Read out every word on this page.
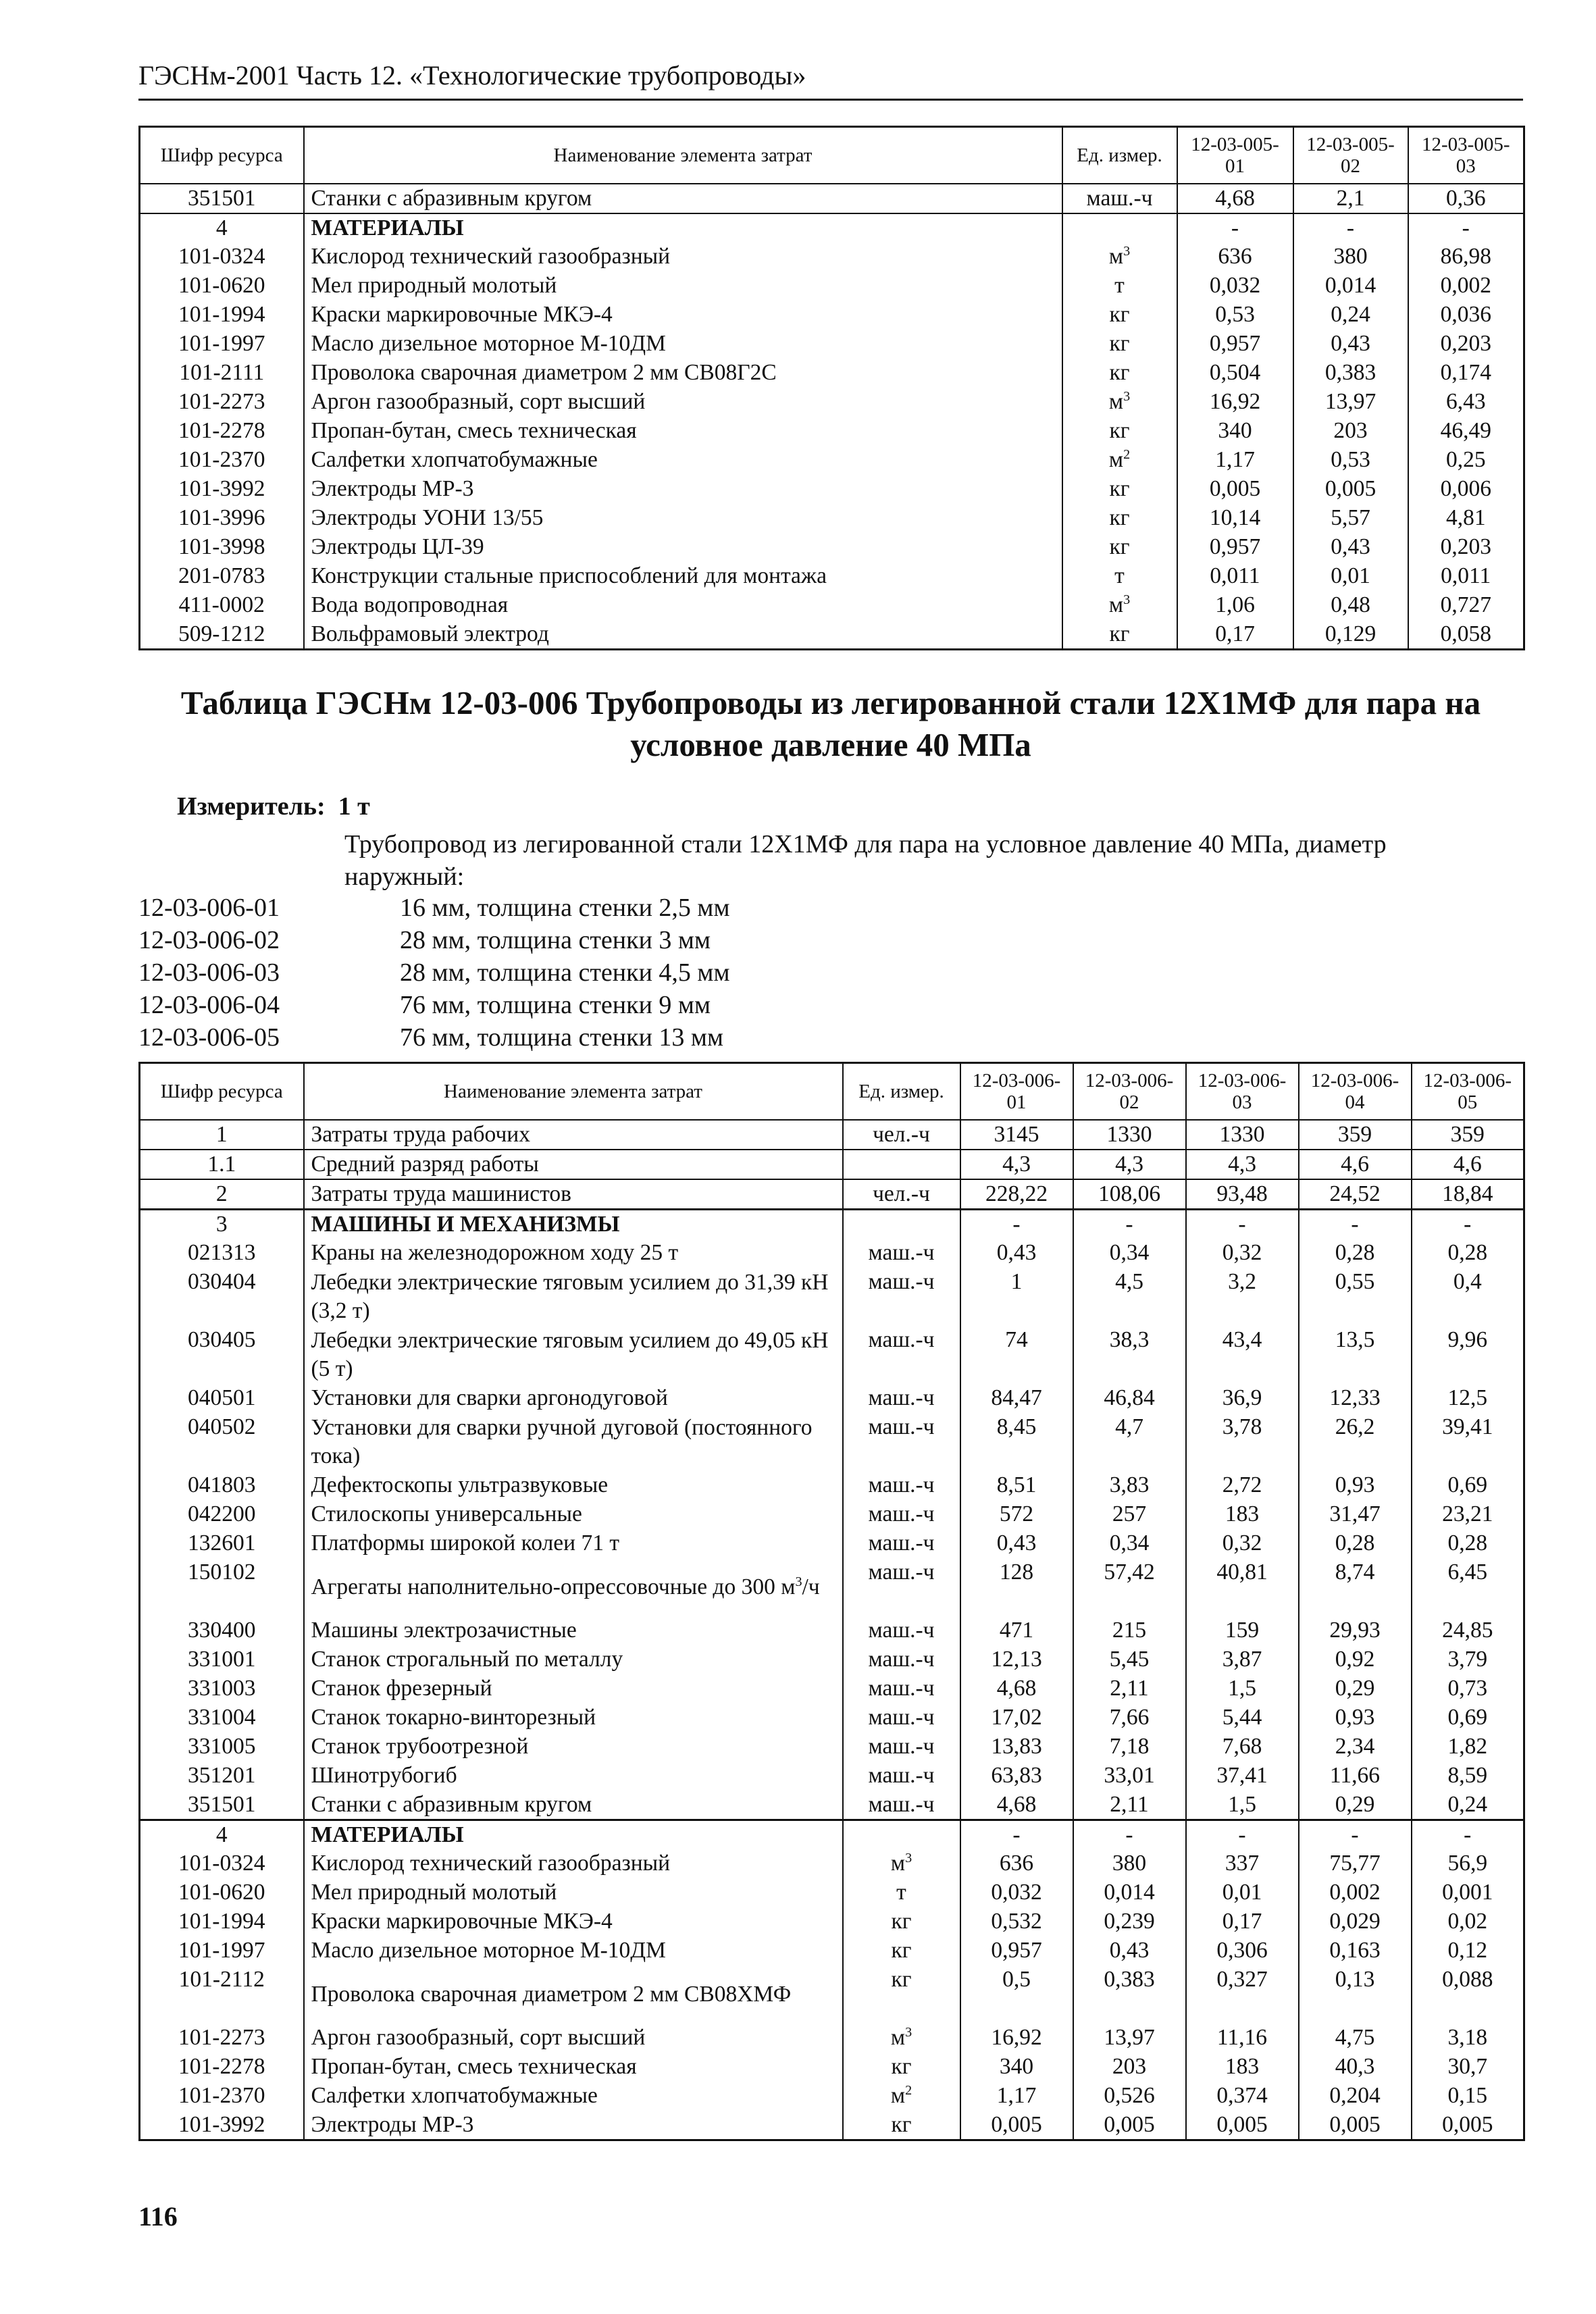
ГЭСНм-2001 Часть 12. «Технологические трубопроводы»
Шифр ресурса	Наименование элемента затрат	Ед. измер.	12-03-005-01	12-03-005-02	12-03-005-03
351501	Станки с абразивным кругом	маш.-ч	4,68	2,1	0,36
4	МАТЕРИАЛЫ		-	-	-
101-0324	Кислород технический газообразный	$м^3$	636	380	86,98
101-0620	Мел природный молотый	т	0,032	0,014	0,002
101-1994	Краски маркировочные МКЭ-4	кг	0,53	0,24	0,036
101-1997	Масло дизельное моторное М-10ДМ	кг	0,957	0,43	0,203
101-2111	Проволока сварочная диаметром 2 мм СВ08Г2С	кг	0,504	0,383	0,174
101-2273	Аргон газообразный, сорт высший	$м^3$	16,92	13,97	6,43
101-2278	Пропан-бутан, смесь техническая	кг	340	203	46,49
101-2370	Салфетки хлопчатобумажные	$м^2$	1,17	0,53	0,25
101-3992	Электроды МР-3	кг	0,005	0,005	0,006
101-3996	Электроды УОНИ 13/55	кг	10,14	5,57	4,81
101-3998	Электроды ЦЛ-39	кг	0,957	0,43	0,203
201-0783	Конструкции стальные приспособлений для монтажа	т	0,011	0,01	0,011
411-0002	Вода водопроводная	$м^3$	1,06	0,48	0,727
509-1212	Вольфрамовый электрод	кг	0,17	0,129	0,058
Таблица ГЭСНм 12-03-006 Трубопроводы из легированной стали 12Х1МФ для пара на
условное давление 40 МПа
Измеритель: 1 т
Трубопровод из легированной стали 12Х1МФ для пара на условное давление 40 МПа, диаметр
наружный:
12-03-006-01	16 мм, толщина стенки 2,5 мм
12-03-006-02	28 мм, толщина стенки 3 мм
12-03-006-03	28 мм, толщина стенки 4,5 мм
12-03-006-04	76 мм, толщина стенки 9 мм
12-03-006-05	76 мм, толщина стенки 13 мм
Шифр ресурса	Наименование элемента затрат	Ед. измер.	12-03-006-01	12-03-006-02	12-03-006-03	12-03-006-04	12-03-006-05
1	Затраты труда рабочих	чел.-ч	3145	1330	1330	359	359
1.1	Средний разряд работы		4,3	4,3	4,3	4,6	4,6
2	Затраты труда машинистов	чел.-ч	228,22	108,06	93,48	24,52	18,84
3	МАШИНЫ И МЕХАНИЗМЫ		-	-	-	-	-
021313	Краны на железнодорожном ходу 25 т	маш.-ч	0,43	0,34	0,32	0,28	0,28
030404	Лебедки электрические тяговым усилием до 31,39 кН (3,2 т)	маш.-ч	1	4,5	3,2	0,55	0,4
030405	Лебедки электрические тяговым усилием до 49,05 кН (5 т)	маш.-ч	74	38,3	43,4	13,5	9,96
040501	Установки для сварки аргонодуговой	маш.-ч	84,47	46,84	36,9	12,33	12,5
040502	Установки для сварки ручной дуговой (постоянного тока)	маш.-ч	8,45	4,7	3,78	26,2	39,41
041803	Дефектоскопы ультразвуковые	маш.-ч	8,51	3,83	2,72	0,93	0,69
042200	Стилоскопы универсальные	маш.-ч	572	257	183	31,47	23,21
132601	Платформы широкой колеи 71 т	маш.-ч	0,43	0,34	0,32	0,28	0,28
150102	Агрегаты наполнительно-опрессовочные до 300 $м^3/ч$	маш.-ч	128	57,42	40,81	8,74	6,45
330400	Машины электрозачистные	маш.-ч	471	215	159	29,93	24,85
331001	Станок строгальный по металлу	маш.-ч	12,13	5,45	3,87	0,92	3,79
331003	Станок фрезерный	маш.-ч	4,68	2,11	1,5	0,29	0,73
331004	Станок токарно-винторезный	маш.-ч	17,02	7,66	5,44	0,93	0,69
331005	Станок трубоотрезной	маш.-ч	13,83	7,18	7,68	2,34	1,82
351201	Шинотрубогиб	маш.-ч	63,83	33,01	37,41	11,66	8,59
351501	Станки с абразивным кругом	маш.-ч	4,68	2,11	1,5	0,29	0,24
4	МАТЕРИАЛЫ		-	-	-	-	-
101-0324	Кислород технический газообразный	$м^3$	636	380	337	75,77	56,9
101-0620	Мел природный молотый	т	0,032	0,014	0,01	0,002	0,001
101-1994	Краски маркировочные МКЭ-4	кг	0,532	0,239	0,17	0,029	0,02
101-1997	Масло дизельное моторное М-10ДМ	кг	0,957	0,43	0,306	0,163	0,12
101-2112	Проволока сварочная диаметром 2 мм СВ08ХМФ	кг	0,5	0,383	0,327	0,13	0,088
101-2273	Аргон газообразный, сорт высший	$м^3$	16,92	13,97	11,16	4,75	3,18
101-2278	Пропан-бутан, смесь техническая	кг	340	203	183	40,3	30,7
101-2370	Салфетки хлопчатобумажные	$м^2$	1,17	0,526	0,374	0,204	0,15
101-3992	Электроды МР-3	кг	0,005	0,005	0,005	0,005	0,005
116
